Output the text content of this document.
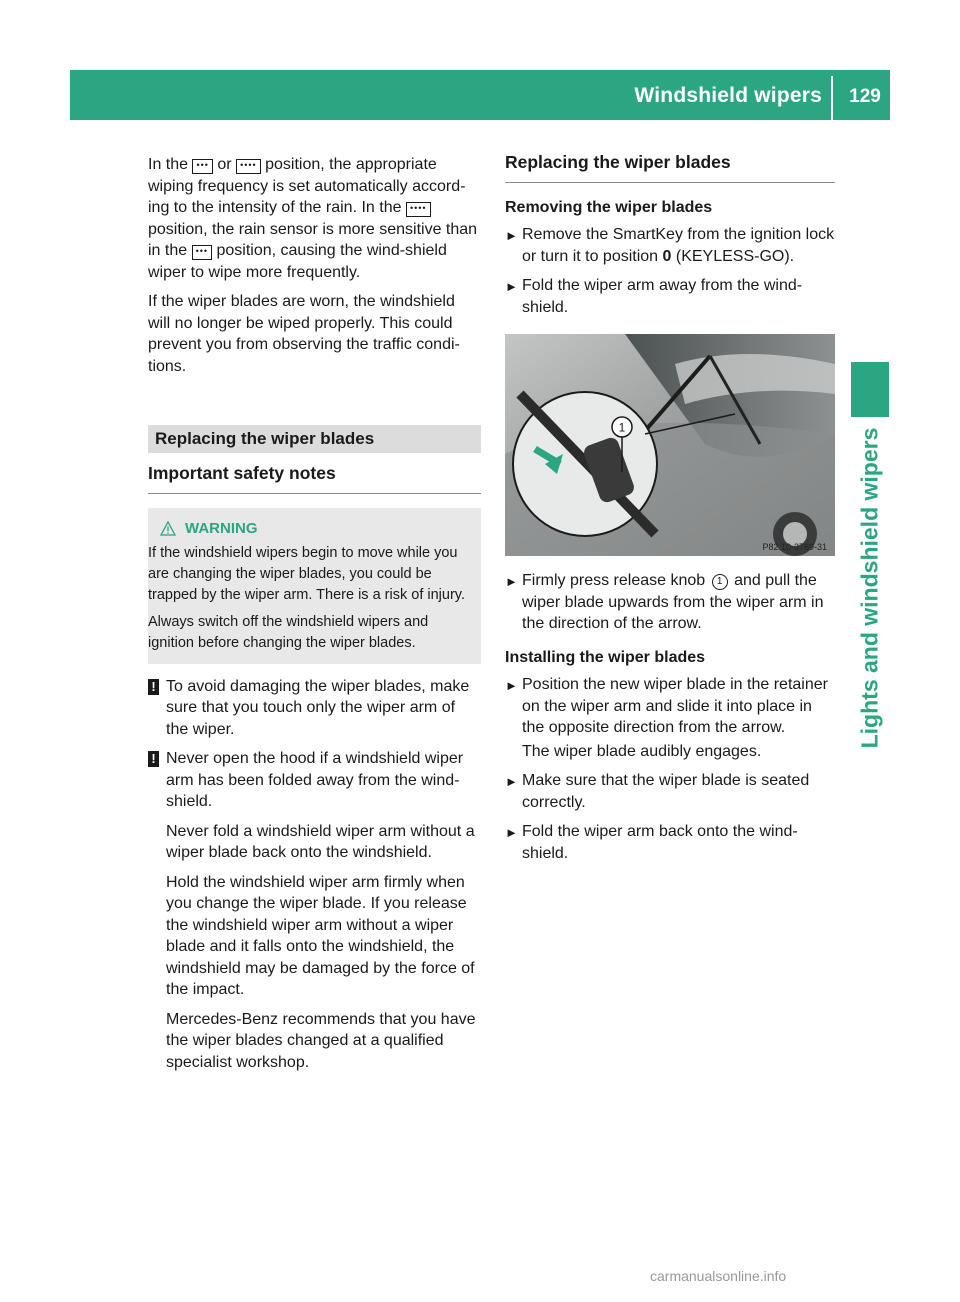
Windshield wipers	129
Lights and windshield wipers

In the ••• or •••• position, the appropriate wiping frequency is set automatically accord-ing to the intensity of the rain. In the •••• position, the rain sensor is more sensitive than in the ••• position, causing the wind-shield wiper to wipe more frequently.

If the wiper blades are worn, the windshield will no longer be wiped properly. This could prevent you from observing the traffic condi-tions.

Replacing the wiper blades
Important safety notes
WARNING

If the windshield wipers begin to move while you are changing the wiper blades, you could be trapped by the wiper arm. There is a risk of injury.

Always switch off the windshield wipers and ignition before changing the wiper blades.

! To avoid damaging the wiper blades, make sure that you touch only the wiper arm of the wiper.

! Never open the hood if a windshield wiper arm has been folded away from the wind-shield.

Never fold a windshield wiper arm without a wiper blade back onto the windshield.

Hold the windshield wiper arm firmly when you change the wiper blade. If you release the windshield wiper arm without a wiper blade and it falls onto the windshield, the windshield may be damaged by the force of the impact.

Mercedes-Benz recommends that you have the wiper blades changed at a qualified specialist workshop.

Replacing the wiper blades
Removing the wiper blades
► Remove the SmartKey from the ignition lock or turn it to position 0 (KEYLESS-GO).
► Fold the wiper arm away from the wind-shield.
1
P82.10-3769-31
► Firmly press release knob 1 and pull the wiper blade upwards from the wiper arm in the direction of the arrow.
Installing the wiper blades
► Position the new wiper blade in the retainer on the wiper arm and slide it into place in the opposite direction from the arrow.
The wiper blade audibly engages.
► Make sure that the wiper blade is seated correctly.
► Fold the wiper arm back onto the wind-shield.
carmanualsonline.info
